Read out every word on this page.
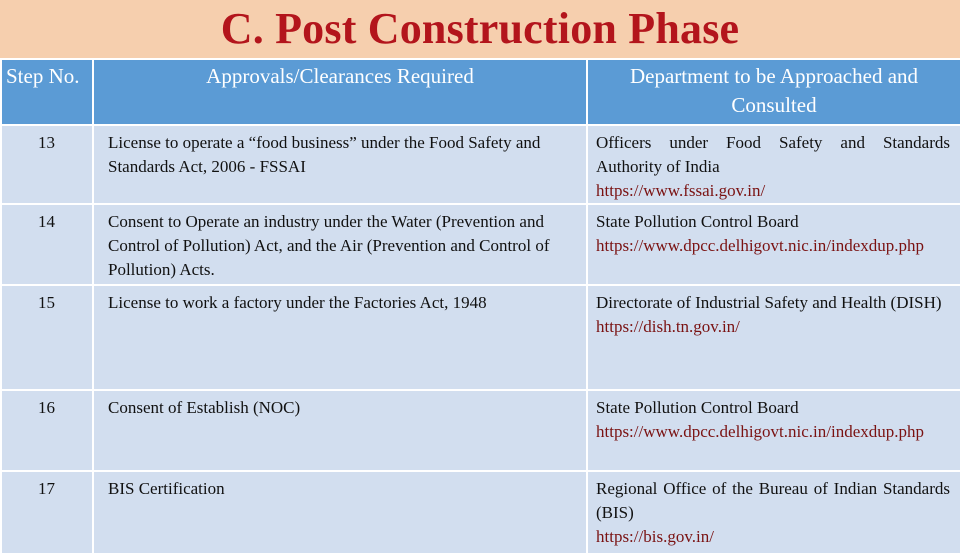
C. Post Construction Phase
Step No.	Approvals/Clearances Required	Department to be Approached and Consulted
13	License to operate a “food business” under the Food Safety and Standards Act, 2006 - FSSAI	Officers under Food Safety and Standards Authority of India
https://www.fssai.gov.in/

14	Consent to Operate an industry under the Water (Prevention and Control of Pollution) Act, and the Air (Prevention and Control of Pollution) Acts.	State Pollution Control Board
https://www.dpcc.delhigovt.nic.in/indexdup.php

15	License to work a factory under the Factories Act, 1948	Directorate of Industrial Safety and Health (DISH)
https://dish.tn.gov.in/

16	Consent of Establish (NOC)	State Pollution Control Board
https://www.dpcc.delhigovt.nic.in/indexdup.php

17	BIS Certification	Regional Office of the Bureau of Indian Standards (BIS)
https://bis.gov.in/
